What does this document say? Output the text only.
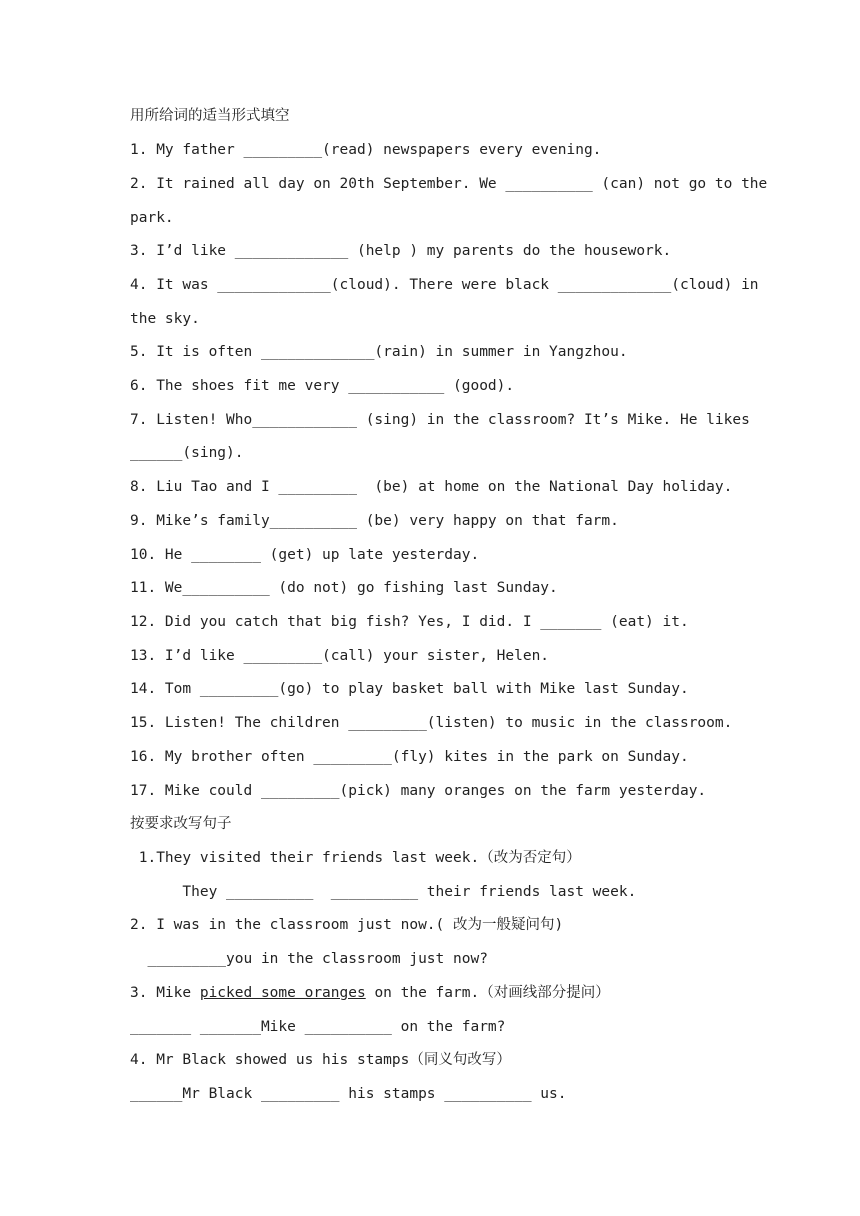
用所给词的适当形式填空
1. My father _________(read) newspapers every evening.
2. It rained all day on 20th September. We __________ (can) not go to the
park.
3. I’d like _____________ (help ) my parents do the housework.
4. It was _____________(cloud). There were black _____________(cloud) in
the sky.
5. It is often _____________(rain) in summer in Yangzhou.
6. The shoes fit me very ___________ (good).
7. Listen! Who____________ (sing) in the classroom? It’s Mike. He likes
______(sing).
8. Liu Tao and I _________  (be) at home on the National Day holiday.
9. Mike’s family__________ (be) very happy on that farm.
10. He ________ (get) up late yesterday.
11. We__________ (do not) go fishing last Sunday.
12. Did you catch that big fish? Yes, I did. I _______ (eat) it.
13. I’d like _________(call) your sister, Helen.
14. Tom _________(go) to play basket ball with Mike last Sunday.
15. Listen! The children _________(listen) to music in the classroom.
16. My brother often _________(fly) kites in the park on Sunday.
17. Mike could _________(pick) many oranges on the farm yesterday.
按要求改写句子
1.They visited their friends last week.（改为否定句）
They __________  __________ their friends last week.
2. I was in the classroom just now.( 改为一般疑问句)
_________you in the classroom just now?
3. Mike picked some oranges on the farm.（对画线部分提问）
_______ _______Mike __________ on the farm?
4. Mr Black showed us his stamps（同义句改写）
______Mr Black _________ his stamps __________ us.
